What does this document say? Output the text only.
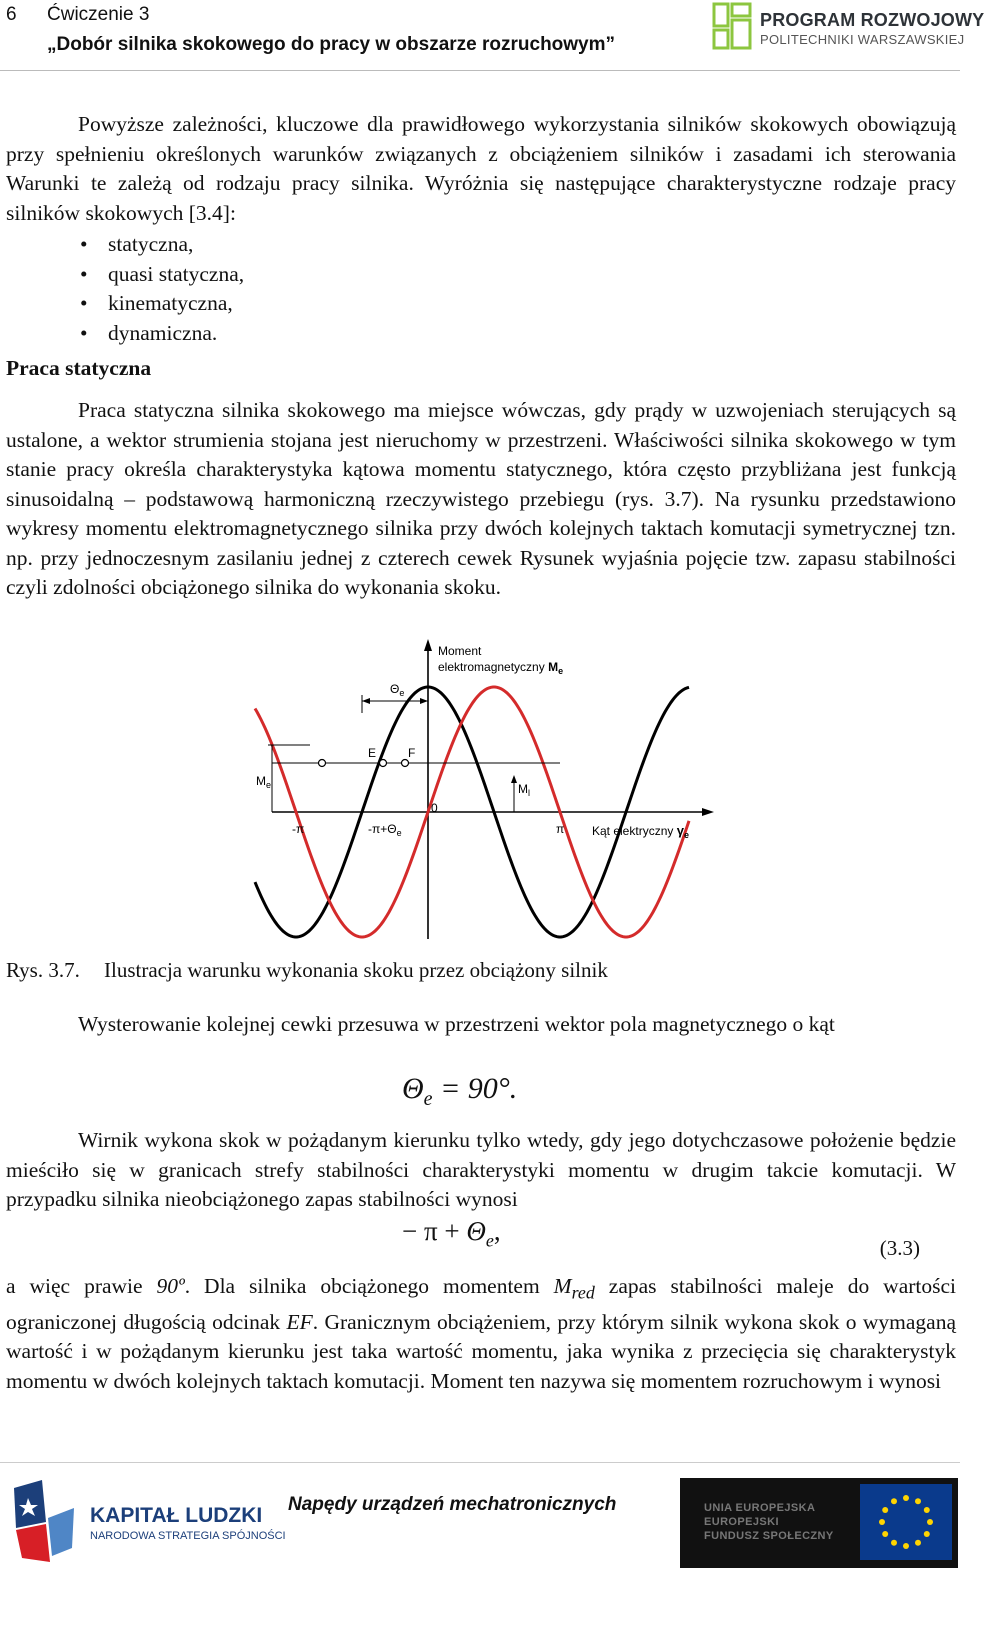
6 Ćwiczenie 3
„Dobór silnika skokowego do pracy w obszarze rozruchowym”
PROGRAM ROZWOJOWY
POLITECHNIKI WARSZAWSKIEJ

Powyższe zależności, kluczowe dla prawidłowego wykorzystania silników skokowych obowiązują przy spełnieniu określonych warunków związanych z obciążeniem silników i zasadami ich sterowania Warunki te zależą od rodzaju pracy silnika. Wyróżnia się następujące charakterystyczne rodzaje pracy silników skokowych [3.4]:

• statyczna,
• quasi statyczna,
• kinematyczna,
• dynamiczna.
Praca statyczna

Praca statyczna silnika skokowego ma miejsce wówczas, gdy prądy w uzwojeniach sterujących są ustalone, a wektor strumienia stojana jest nieruchomy w przestrzeni. Właściwości silnika skokowego w tym stanie pracy określa charakterystyka kątowa momentu statycznego, która często przybliżana jest funkcją sinusoidalną – podstawową harmoniczną rzeczywistego przebiegu (rys. 3.7). Na rysunku przedstawiono wykresy momentu elektromagnetycznego silnika przy dwóch kolejnych taktach komutacji symetrycznej tzn. np. przy jednoczesnym zasilaniu jednej z czterech cewek Rysunek wyjaśnia pojęcie tzw. zapasu stabilności czyli zdolności obciążonego silnika do wykonania skoku.

Moment
elektromagnetyczny $M_e$
$\Theta_e$
E	F
$M_{el}$	$M_l$
0
-π	$-\pi+\Theta_e$	π Kąt elektryczny $\gamma_e$
Rys. 3.7. Ilustracja warunku wykonania skoku przez obciążony silnik

Wysterowanie kolejnej cewki przesuwa w przestrzeni wektor pola magnetycznego o kąt

$\Theta_e = 90^\circ$.

Wirnik wykona skok w pożądanym kierunku tylko wtedy, gdy jego dotychczasowe położenie będzie mieściło się w granicach strefy stabilności charakterystyki momentu w drugim takcie komutacji. W przypadku silnika nieobciążonego zapas stabilności wynosi

− $\pi + \Theta_e$,
(3.3)

a więc prawie 90º. Dla silnika obciążonego momentem $M_{red}$ zapas stabilności maleje do wartości ograniczonej długością odcinak EF. Granicznym obciążeniem, przy którym silnik wykona skok o wymaganą wartość i w pożądanym kierunku jest taka wartość momentu, jaka wynika z przecięcia się charakterystyk momentu w dwóch kolejnych taktach komutacji. Moment ten nazywa się momentem rozruchowym i wynosi

KAPITAŁ LUDZKI
NARODOWA STRATEGIA SPÓJNOŚCI
Napędy urządzeń mechatronicznych	UNIA EUROPEJSKA
EUROPEJSKI
FUNDUSZ SPOŁECZNY
